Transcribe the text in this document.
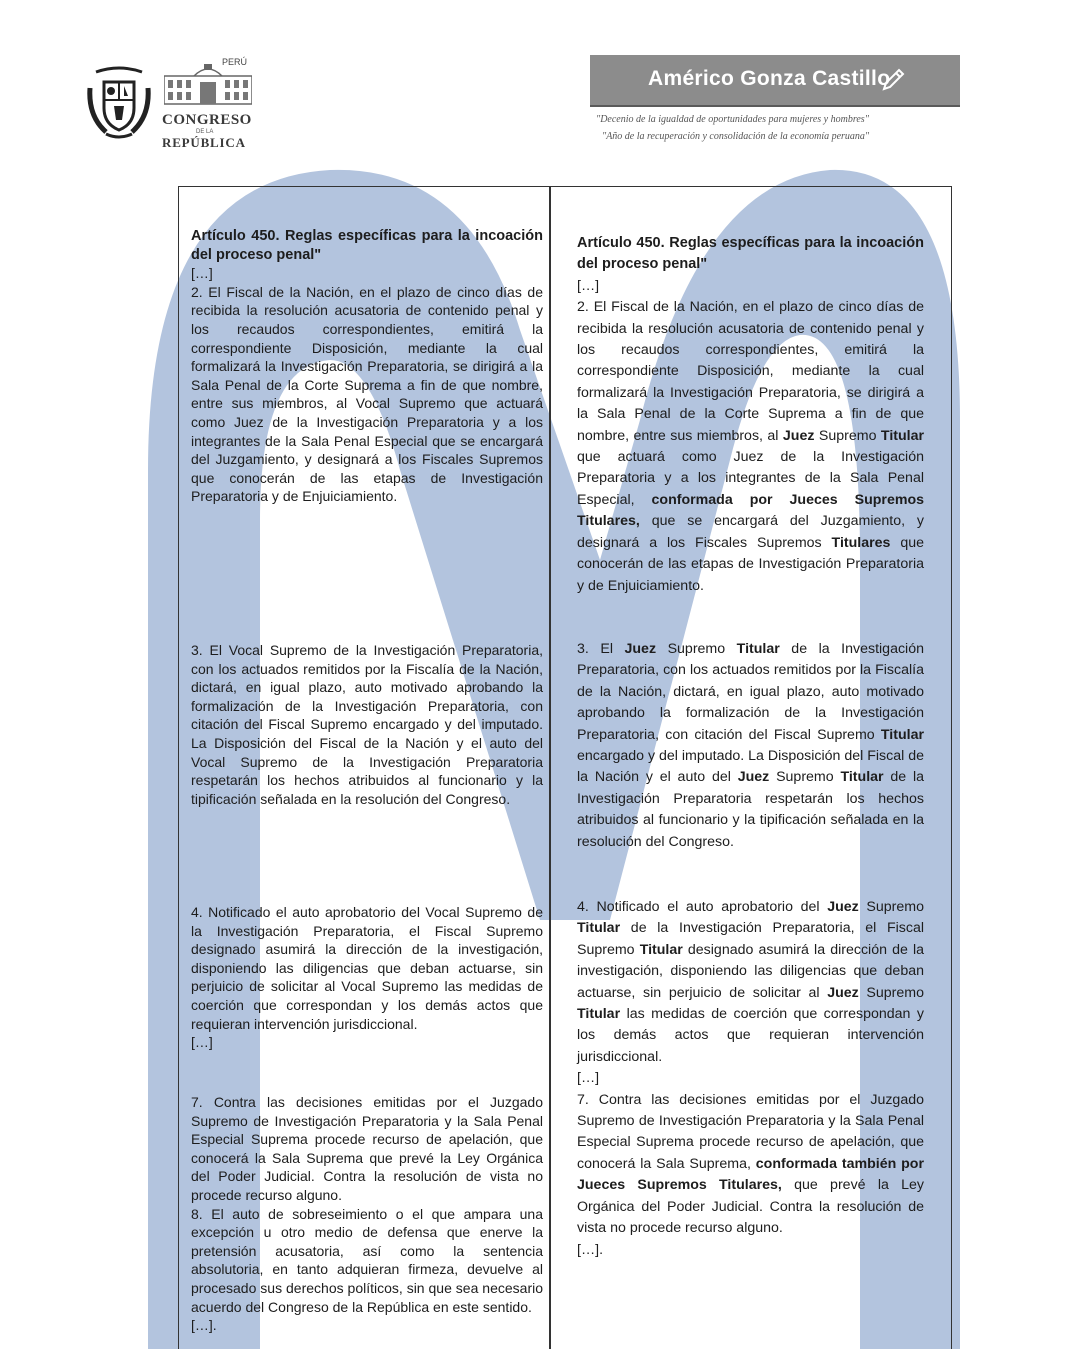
CONGRESO
DE LA
REPÚBLICA
PERÚ
Américo Gonza Castillo
"Decenio de la igualdad de oportunidades para mujeres y hombres"
"Año de la recuperación y consolidación de la economía peruana"

Artículo 450. Reglas específicas para la incoación del proceso penal"

[…]

2. El Fiscal de la Nación, en el plazo de cinco días de recibida la resolución acusatoria de contenido penal y los recaudos correspondientes, emitirá la correspondiente Disposición, mediante la cual formalizará la Investigación Preparatoria, se dirigirá a la Sala Penal de la Corte Suprema a fin de que nombre, entre sus miembros, al Vocal Supremo que actuará como Juez de la Investigación Preparatoria y a los integrantes de la Sala Penal Especial que se encargará del Juzgamiento, y designará a los Fiscales Supremos que conocerán de las etapas de Investigación Preparatoria y de Enjuiciamiento.

3. El Vocal Supremo de la Investigación Preparatoria, con los actuados remitidos por la Fiscalía de la Nación, dictará, en igual plazo, auto motivado aprobando la formalización de la Investigación Preparatoria, con citación del Fiscal Supremo encargado y del imputado. La Disposición del Fiscal de la Nación y el auto del Vocal Supremo de la Investigación Preparatoria respetarán los hechos atribuidos al funcionario y la tipificación señalada en la resolución del Congreso.

4. Notificado el auto aprobatorio del Vocal Supremo de la Investigación Preparatoria, el Fiscal Supremo designado asumirá la dirección de la investigación, disponiendo las diligencias que deban actuarse, sin perjuicio de solicitar al Vocal Supremo las medidas de coerción que correspondan y los demás actos que requieran intervención jurisdiccional.

[…]

7. Contra las decisiones emitidas por el Juzgado Supremo de Investigación Preparatoria y la Sala Penal Especial Suprema procede recurso de apelación, que conocerá la Sala Suprema que prevé la Ley Orgánica del Poder Judicial. Contra la resolución de vista no procede recurso alguno.

8. El auto de sobreseimiento o el que ampara una excepción u otro medio de defensa que enerve la pretensión acusatoria, así como la sentencia absolutoria, en tanto adquieran firmeza, devuelve al procesado sus derechos políticos, sin que sea necesario acuerdo del Congreso de la República en este sentido.

[…].

Artículo 450. Reglas específicas para la incoación del proceso penal"

[…]

2. El Fiscal de la Nación, en el plazo de cinco días de recibida la resolución acusatoria de contenido penal y los recaudos correspondientes, emitirá la correspondiente Disposición, mediante la cual formalizará la Investigación Preparatoria, se dirigirá a la Sala Penal de la Corte Suprema a fin de que nombre, entre sus miembros, al Juez Supremo Titular que actuará como Juez de la Investigación Preparatoria y a los integrantes de la Sala Penal Especial, conformada por Jueces Supremos Titulares, que se encargará del Juzgamiento, y designará a los Fiscales Supremos Titulares que conocerán de las etapas de Investigación Preparatoria y de Enjuiciamiento.

3. El Juez Supremo Titular de la Investigación Preparatoria, con los actuados remitidos por la Fiscalía de la Nación, dictará, en igual plazo, auto motivado aprobando la formalización de la Investigación Preparatoria, con citación del Fiscal Supremo Titular encargado y del imputado. La Disposición del Fiscal de la Nación y el auto del Juez Supremo Titular de la Investigación Preparatoria respetarán los hechos atribuidos al funcionario y la tipificación señalada en la resolución del Congreso.

4. Notificado el auto aprobatorio del Juez Supremo Titular de la Investigación Preparatoria, el Fiscal Supremo Titular designado asumirá la dirección de la investigación, disponiendo las diligencias que deban actuarse, sin perjuicio de solicitar al Juez Supremo Titular las medidas de coerción que correspondan y los demás actos que requieran intervención jurisdiccional.

[…]

7. Contra las decisiones emitidas por el Juzgado Supremo de Investigación Preparatoria y la Sala Penal Especial Suprema procede recurso de apelación, que conocerá la Sala Suprema, conformada también por Jueces Supremos Titulares, que prevé la Ley Orgánica del Poder Judicial. Contra la resolución de vista no procede recurso alguno.

[…].
